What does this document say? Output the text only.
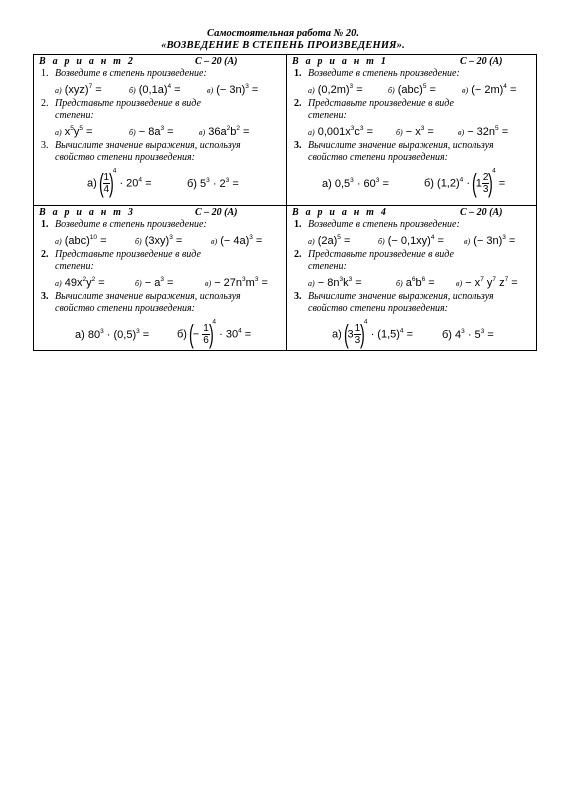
Самостоятельная работа № 20.
«ВОЗВЕДЕНИЕ В СТЕПЕНЬ ПРОИЗВЕДЕНИЯ».
В а р и а н т 2	С – 20 (А)
1. Возведите в степень произведение:
а) (xyz)$^7$ =	б) $(0,1a)^4$ =	в) (− 3n)$^3$ =
2. Представьте произведение в виде
степени:
а) $x^5y^5$ =	$б) - 8a^3$ =	в) $36a^2b^2$ =
3. Вычислите значение выражения, используя
свойство степени произведения:
а) (
$\frac{1}{4}$
)$^4 \cdot 20^4$ =	б) $5^3 \cdot 2^3$ =
В а р и а н т 1	С – 20 (А)
1. Возведите в степень произведение:
а) $(0,2m)^3$ =	б) (abc)$^5$ =	в) (− 2m)$^4$ =
2. Представьте произведение в виде
степени:
а) $0,001x^3c^3$ =	$б) - x^3$ =	$в) - 32n^5$ =
3. Вычислите значение выражения, используя
свойство степени произведения:
а) $0,5^3 \cdot 60^3$ =	б) $(1,2)^4 \cdot (1 \frac{2}{3}$
)$^4$ =
В а р и а н т 3	С – 20 (А)
1. Возведите в степень произведение:
а) (abc)$^{10}$ =	б) $(3xy)^3$ =	в) (− 4a)$^3$ =
2. Представьте произведение в виде
степени:
а) $49x^2y^2$ =	$б) - a^3$ =	$в) - 27n^3m^3$ =
3. Вычислите значение выражения, используя
свойство степени произведения:
а) $80^3 \cdot (0,5)^3$ =	б) (− $\frac{1}{6}$
)$^4 \cdot 30^4$ =
В а р и а н т 4	С – 20 (А)
1. Возведите в степень произведение:
а) $(2a)^5$ =	б) (− 0,1xy)$^4$ =	в) (− 3n)$^3$ =
2. Представьте произведение в виде
степени:
$а) - 8n^3k^3$ =	б) $a^6b^6$ =	$в) - x^7$ $y^7$ $z^7$ =
3. Вычислите значение выражения, используя
свойство степени произведения:
а) ($3 \frac{1}{3}$
)$^4 \cdot (1,5)^4$ =	б) $4^3 \cdot 5^3$ =
